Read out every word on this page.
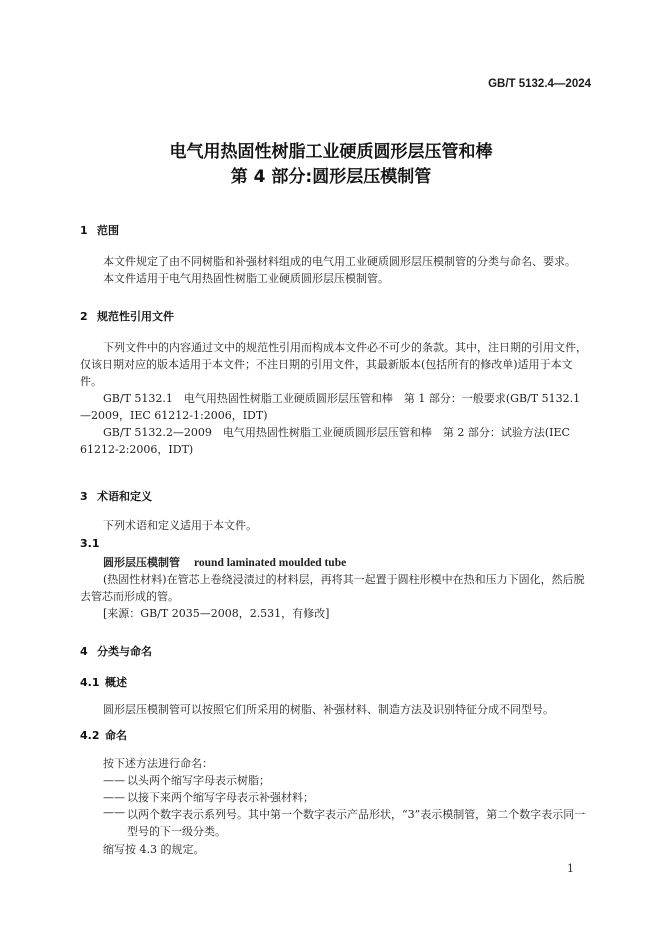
GB/T 5132.4—2024
电气用热固性树脂工业硬质圆形层压管和棒
第 4 部分:圆形层压模制管
1 范围
本文件规定了由不同树脂和补强材料组成的电气用工业硬质圆形层压模制管的分类与命名、要求。
本文件适用于电气用热固性树脂工业硬质圆形层压模制管。
2 规范性引用文件
下列文件中的内容通过文中的规范性引用而构成本文件必不可少的条款。其中，注日期的引用文件，仅该日期对应的版本适用于本文件；不注日期的引用文件，其最新版本(包括所有的修改单)适用于本文件。
GB/T 5132.1　电气用热固性树脂工业硬质圆形层压管和棒　第 1 部分：一般要求(GB/T 5132.1—2009，IEC 61212-1:2006，IDT)
GB/T 5132.2—2009　电气用热固性树脂工业硬质圆形层压管和棒　第 2 部分：试验方法(IEC 61212-2:2006，IDT)
3 术语和定义
下列术语和定义适用于本文件。
3.1
圆形层压模制管 round laminated moulded tube
(热固性材料)在管芯上卷绕浸渍过的材料层，再将其一起置于圆柱形模中在热和压力下固化，然后脱去管芯而形成的管。
[来源：GB/T 2035—2008，2.531，有修改]
4 分类与命名
4.1 概述
圆形层压模制管可以按照它们所采用的树脂、补强材料、制造方法及识别特征分成不同型号。
4.2 命名
按下述方法进行命名：
—— 以头两个缩写字母表示树脂；
—— 以接下来两个缩写字母表示补强材料；
—— 以两个数字表示系列号。其中第一个数字表示产品形状，“3”表示模制管，第二个数字表示同一型号的下一级分类。
缩写按 4.3 的规定。
1
